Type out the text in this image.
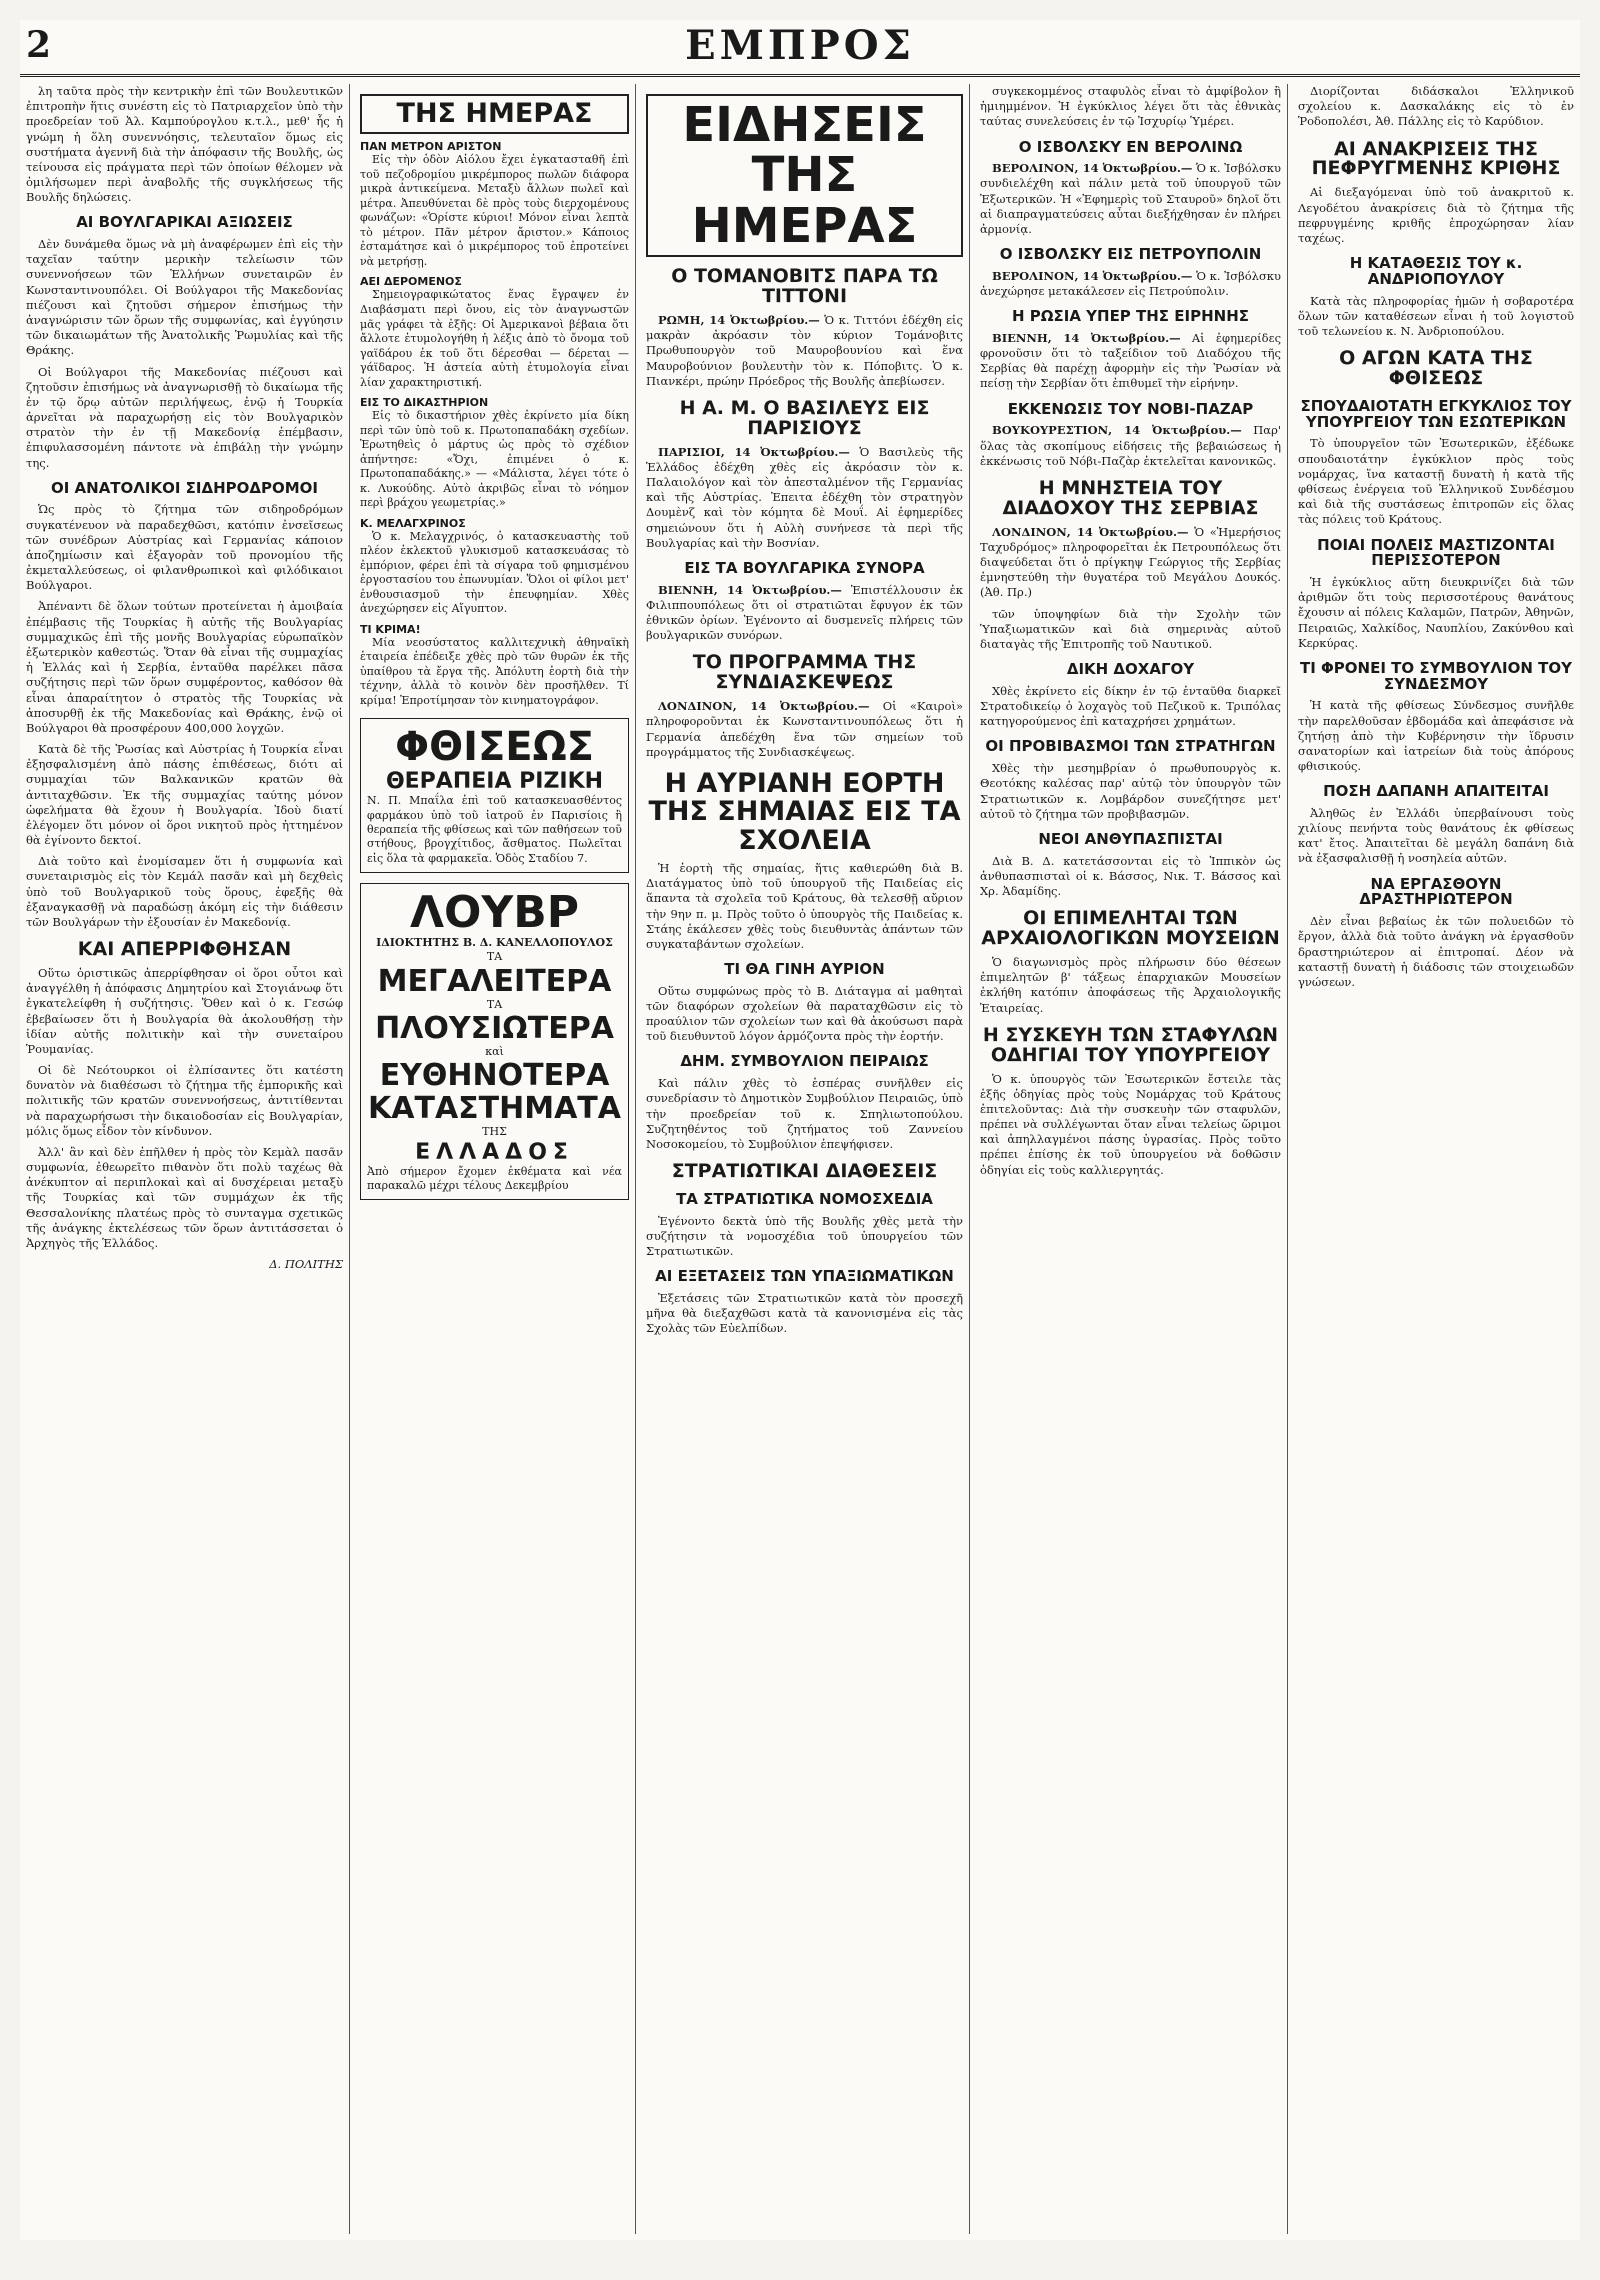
2	ΕΜΠΡΟΣ

λη ταῦτα πρὸς τὴν κεντρικὴν ἐπὶ τῶν Βουλευτικῶν ἐπιτροπὴν ἥτις συνέστη εἰς τὸ Πατριαρχεῖον ὑπὸ τὴν προεδρείαν τοῦ Ἀλ. Καμπούρογλου κ.τ.λ., μεθ' ἧς ἡ γνώμη ἡ ὅλη συνεννόησις, τελευταῖον ὅμως εἰς συστήματα ἀγεννῆ διὰ τὴν ἀπόφασιν τῆς Βουλῆς, ὡς τείνουσα εἰς πράγματα περὶ τῶν ὁποίων θέλομεν νὰ ὁμιλήσωμεν περὶ ἀναβολῆς τῆς συγκλήσεως τῆς Βουλῆς δηλώσεις.

ΑΙ ΒΟΥΛΓΑΡΙΚΑΙ ΑΞΙΩΣΕΙΣ

Δὲν δυνάμεθα ὅμως νὰ μὴ ἀναφέρωμεν ἐπὶ εἰς τὴν ταχεῖαν ταύτην μερικὴν τελείωσιν τῶν συνεννοήσεων τῶν Ἑλλήνων συνεταιρῶν ἐν Κωνσταντινουπόλει. Οἱ Βούλγαροι τῆς Μακεδονίας πιέζουσι καὶ ζητοῦσι σήμερον ἐπισήμως τὴν ἀναγνώρισιν τῶν ὅρων τῆς συμφωνίας, καὶ ἐγγύησιν τῶν δικαιωμάτων τῆς Ἀνατολικῆς Ῥωμυλίας καὶ τῆς Θράκης.

Οἱ Βούλγαροι τῆς Μακεδονίας πιέζουσι καὶ ζητοῦσιν ἐπισήμως νὰ ἀναγνωρισθῇ τὸ δικαίωμα τῆς ἐν τῷ ὅρῳ αὐτῶν περιλήψεως, ἐνῷ ἡ Τουρκία ἀρνεῖται νὰ παραχωρήσῃ εἰς τὸν Βουλγαρικὸν στρατὸν τὴν ἐν τῇ Μακεδονίᾳ ἐπέμβασιν, ἐπιφυλασσομένη πάντοτε νὰ ἐπιβάλῃ τὴν γνώμην της.

ΟΙ ΑΝΑΤΟΛΙΚΟΙ ΣΙΔΗΡΟΔΡΟΜΟΙ

Ὡς πρὸς τὸ ζήτημα τῶν σιδηροδρόμων συγκατένευον νὰ παραδεχθῶσι, κατόπιν ἐνσεῖσεως τῶν συνέδρων Αὐστρίας καὶ Γερμανίας κάποιον ἀποζημίωσιν καὶ ἐξαγορὰν τοῦ προνομίου τῆς ἐκμεταλλεύσεως, οἱ φιλανθρωπικοὶ καὶ φιλόδικαιοι Βούλγαροι.

Ἀπέναντι δὲ ὅλων τούτων προτείνεται ἡ ἀμοιβαία ἐπέμβασις τῆς Τουρκίας ἢ αὐτῆς τῆς Βουλγαρίας συμμαχικῶς ἐπὶ τῆς μονῆς Βουλγαρίας εὐρωπαϊκὸν ἐξωτερικὸν καθεστώς. Ὅταν θὰ εἶναι τῆς συμμαχίας ἡ Ἑλλάς καὶ ἡ Σερβία, ἐνταῦθα παρέλκει πᾶσα συζήτησις περὶ τῶν ὅρων συμφέροντος, καθόσον θὰ εἶναι ἀπαραίτητον ὁ στρατὸς τῆς Τουρκίας νὰ ἀποσυρθῇ ἐκ τῆς Μακεδονίας καὶ Θράκης, ἐνῷ οἱ Βούλγαροι θὰ προσφέρουν 400,000 λογχῶν.

Κατὰ δὲ τῆς Ῥωσίας καὶ Αὐστρίας ἡ Τουρκία εἶναι ἐξησφαλισμένη ἀπὸ πάσης ἐπιθέσεως, διότι αἱ συμμαχίαι τῶν Βαλκανικῶν κρατῶν θὰ ἀντιταχθῶσιν. Ἐκ τῆς συμμαχίας ταύτης μόνον ὠφελήματα θὰ ἔχουν ἡ Βουλγαρία. Ἰδοὺ διατί ἐλέγομεν ὅτι μόνον οἱ ὅροι νικητοῦ πρὸς ἡττημένον θὰ ἐγίνοντο δεκτοί.

Διὰ τοῦτο καὶ ἐνομίσαμεν ὅτι ἡ συμφωνία καὶ συνεταιρισμὸς εἰς τὸν Κεμάλ πασᾶν καὶ μὴ δεχθεὶς ὑπὸ τοῦ Βουλγαρικοῦ τοὺς ὅρους, ἐφεξῆς θὰ ἐξαναγκασθῇ νὰ παραδώσῃ ἀκόμη εἰς τὴν διάθεσιν τῶν Βουλγάρων τὴν ἐξουσίαν ἐν Μακεδονίᾳ.

ΚΑΙ ΑΠΕΡΡΙΦΘΗΣΑΝ

Οὕτω ὁριστικῶς ἀπερρίφθησαν οἱ ὅροι οὗτοι καὶ ἀναγγέλθη ἡ ἀπόφασις Δημητρίου καὶ Στογιάνωφ ὅτι ἐγκατελείφθη ἡ συζήτησις. Ὅθεν καὶ ὁ κ. Γεσώφ ἐβεβαίωσεν ὅτι ἡ Βουλγαρία θὰ ἀκολουθήσῃ τὴν ἰδίαν αὐτῆς πολιτικὴν καὶ τὴν συνεταίρου Ῥουμανίας.

Οἱ δὲ Νεότουρκοι οἱ ἐλπίσαντες ὅτι κατέστη δυνατὸν νὰ διαθέσωσι τὸ ζήτημα τῆς ἐμπορικῆς καὶ πολιτικῆς τῶν κρατῶν συνεννοήσεως, ἀντιτίθενται νὰ παραχωρήσωσι τὴν δικαιοδοσίαν εἰς Βουλγαρίαν, μόλις ὅμως εἶδον τὸν κίνδυνον.

Ἀλλ' ἂν καὶ δὲν ἐπῆλθεν ἡ πρὸς τὸν Κεμὰλ πασᾶν συμφωνία, ἐθεωρεῖτο πιθανὸν ὅτι πολὺ ταχέως θὰ ἀνέκυπτον αἱ περιπλοκαὶ καὶ αἱ δυσχέρειαι μεταξὺ τῆς Τουρκίας καὶ τῶν συμμάχων ἐκ τῆς Θεσσαλονίκης πλατέως πρὸς τὸ συνταγμα σχετικῶς τῆς ἀνάγκης ἐκτελέσεως τῶν ὅρων ἀντιτάσσεται ὁ Ἀρχηγὸς τῆς Ἑλλάδος.

Δ. ΠΟΛΙΤΗΣ
ΤΗΣ ΗΜΕΡΑΣ
ΠΑΝ ΜΕΤΡΟΝ ΑΡΙΣΤΟΝ

Εἰς τὴν ὁδὸν Αἰόλου ἔχει ἐγκατασταθῆ ἐπὶ τοῦ πεζοδρομίου μικρέμπορος πωλῶν διάφορα μικρὰ ἀντικείμενα. Μεταξὺ ἄλλων πωλεῖ καὶ μέτρα. Ἀπευθύνεται δὲ πρὸς τοὺς διερχομένους φωνάζων: «Ὁρίστε κύριοι! Μόνον εἶναι λεπτὰ τὸ μέτρον. Πᾶν μέτρον ἄριστον.» Κάποιος ἐσταμάτησε καὶ ὁ μικρέμπορος τοῦ ἐπροτείνει νὰ μετρήσῃ.

ΑΕΙ ΔΕΡΟΜΕΝΟΣ

Σημειογραφικώτατος ἕνας ἔγραψεν ἐν Διαβάσματι περὶ ὄνου, εἰς τὸν ἀναγνωστῶν μᾶς γράφει τὰ ἑξῆς: Οἱ Ἀμερικανοὶ βέβαια ὅτι ἄλλοτε ἐτυμολογήθη ἡ λέξις ἀπὸ τὸ ὄνομα τοῦ γαϊδάρου ἐκ τοῦ ὅτι δέρεσθαι — δέρεται — γάϊδαρος. Ἡ ἀστεία αὐτὴ ἐτυμολογία εἶναι λίαν χαρακτηριστική.

ΕΙΣ ΤΟ ΔΙΚΑΣΤΗΡΙΟΝ

Εἰς τὸ δικαστήριον χθὲς ἐκρίνετο μία δίκη περὶ τῶν ὑπὸ τοῦ κ. Πρωτοπαπαδάκη σχεδίων. Ἐρωτηθεὶς ὁ μάρτυς ὡς πρὸς τὸ σχέδιον ἀπήντησε: «Ὄχι, ἐπιμένει ὁ κ. Πρωτοπαπαδάκης.» — «Μάλιστα, λέγει τότε ὁ κ. Λυκούδης. Αὐτὸ ἀκριβῶς εἶναι τὸ νόημον περὶ βράχου γεωμετρίας.»

Κ. ΜΕΛΑΓΧΡΙΝΟΣ

Ὁ κ. Μελαγχρινός, ὁ κατασκευαστὴς τοῦ πλέον ἐκλεκτοῦ γλυκισμοῦ κατασκευάσας τὸ ἐμπόριον, φέρει ἐπὶ τὰ σίγαρα τοῦ φημισμένου ἐργοστασίου του ἐπωνυμίαν. Ὅλοι οἱ φίλοι μετ' ἐνθουσιασμοῦ τὴν ἐπευφημίαν. Χθὲς ἀνεχώρησεν εἰς Αἴγυπτον.

ΤΙ ΚΡΙΜΑ!

Μία νεοσύστατος καλλιτεχνικὴ ἀθηναϊκὴ ἑταιρεία ἐπέδειξε χθὲς πρὸ τῶν θυρῶν ἐκ τῆς ὑπαίθρου τὰ ἔργα τῆς. Ἀπόλυτη ἑορτὴ διὰ τὴν τέχνην, ἀλλὰ τὸ κοινὸν δὲν προσῆλθεν. Τί κρίμα! Ἐπροτίμησαν τὸν κινηματογράφον.

ΦΘΙΣΕΩΣ
ΘΕΡΑΠΕΙΑ ΡΙΖΙΚΗ
Ν. Π. Μπαΐλα ἐπὶ τοῦ κατασκευασθέντος φαρμάκου ὑπὸ τοῦ ἰατροῦ ἐν Παρισίοις ἢ θεραπεία τῆς φθίσεως καὶ τῶν παθήσεων τοῦ στήθους, βρογχίτιδος, ἄσθματος. Πωλεῖται εἰς ὅλα τὰ φαρμακεῖα. Ὁδὸς Σταδίου 7.
ΛΟΥΒΡ
ΙΔΙΟΚΤΗΤΗΣ Β. Δ. ΚΑΝΕΛΛΟΠΟΥΛΟΣ
ΤΑ
ΜΕΓΑΛΕΙΤΕΡΑ
ΤΑ
ΠΛΟΥΣΙΩΤΕΡΑ
καὶ
ΕΥΘΗΝΟΤΕΡΑ
ΚΑΤΑΣΤΗΜΑΤΑ
ΤΗΣ
ΕΛΛΑΔΟΣ
Ἀπὸ σήμερον ἔχομεν ἐκθέματα καὶ νέα παρακαλῶ μέχρι τέλους Δεκεμβρίου
ΕΙΔΗΣΕΙΣ ΤΗΣ ΗΜΕΡΑΣ
Ο ΤΟΜΑΝΟΒΙΤΣ ΠΑΡΑ ΤΩ ΤΙΤΤΟΝΙ

ΡΩΜΗ, 14 Ὀκτωβρίου.— Ὁ κ. Τιττόνι ἐδέχθη εἰς μακρὰν ἀκρόασιν τὸν κύριον Τομάνοβιτς Πρωθυπουργὸν τοῦ Μαυροβουνίου καὶ ἕνα Μαυροβούνιον βουλευτὴν τὸν κ. Πόποβιτς. Ὁ κ. Πιανκέρι, πρώην Πρόεδρος τῆς Βουλῆς ἀπεβίωσεν.

Η Α. Μ. Ο ΒΑΣΙΛΕΥΣ ΕΙΣ ΠΑΡΙΣΙΟΥΣ

ΠΑΡΙΣΙΟΙ, 14 Ὀκτωβρίου.— Ὁ Βασιλεὺς τῆς Ἑλλάδος ἐδέχθη χθὲς εἰς ἀκρόασιν τὸν κ. Παλαιολόγον καὶ τὸν ἀπεσταλμένον τῆς Γερμανίας καὶ τῆς Αὐστρίας. Ἐπειτα ἐδέχθη τὸν στρατηγὸν Δουμὲνζ καὶ τὸν κόμητα δὲ Μουΐ. Αἱ ἐφημερίδες σημειώνουν ὅτι ἡ Αὐλὴ συνήνεσε τὰ περὶ τῆς Βουλγαρίας καὶ τὴν Βοσνίαν.

ΕΙΣ ΤΑ ΒΟΥΛΓΑΡΙΚΑ ΣΥΝΟΡΑ

ΒΙΕΝΝΗ, 14 Ὀκτωβρίου.— Ἐπιστέλλουσιν ἐκ Φιλιππουπόλεως ὅτι οἱ στρατιῶται ἔφυγον ἐκ τῶν ἐθνικῶν ὁρίων. Ἐγένοντο αἱ δυσμενεῖς πλήρεις τῶν βουλγαρικῶν συνόρων.

ΤΟ ΠΡΟΓΡΑΜΜΑ ΤΗΣ ΣΥΝΔΙΑΣΚΕΨΕΩΣ

ΛΟΝΔΙΝΟΝ, 14 Ὀκτωβρίου.— Οἱ «Καιροὶ» πληροφοροῦνται ἐκ Κωνσταντινουπόλεως ὅτι ἡ Γερμανία ἀπεδέχθη ἕνα τῶν σημείων τοῦ προγράμματος τῆς Συνδιασκέψεως.

Η ΑΥΡΙΑΝΗ ΕΟΡΤΗ ΤΗΣ ΣΗΜΑΙΑΣ ΕΙΣ ΤΑ ΣΧΟΛΕΙΑ

Ἡ ἑορτὴ τῆς σημαίας, ἥτις καθιερώθη διὰ Β. Διατάγματος ὑπὸ τοῦ ὑπουργοῦ τῆς Παιδείας εἰς ἅπαντα τὰ σχολεῖα τοῦ Κράτους, θὰ τελεσθῇ αὔριον τὴν 9ην π. μ. Πρὸς τοῦτο ὁ ὑπουργὸς τῆς Παιδείας κ. Στάης ἐκάλεσεν χθὲς τοὺς διευθυντὰς ἁπάντων τῶν συγκαταβάντων σχολείων.

ΤΙ ΘΑ ΓΙΝΗ ΑΥΡΙΟΝ

Οὕτω συμφώνως πρὸς τὸ Β. Διάταγμα αἱ μαθηταὶ τῶν διαφόρων σχολείων θὰ παραταχθῶσιν εἰς τὸ προαύλιον τῶν σχολείων των καὶ θὰ ἀκούσωσι παρὰ τοῦ διευθυντοῦ λόγον ἁρμόζοντα πρὸς τὴν ἑορτήν.

ΔΗΜ. ΣΥΜΒΟΥΛΙΟΝ ΠΕΙΡΑΙΩΣ

Καὶ πάλιν χθὲς τὸ ἑσπέρας συνῆλθεν εἰς συνεδρίασιν τὸ Δημοτικὸν Συμβούλιον Πειραιῶς, ὑπὸ τὴν προεδρείαν τοῦ κ. Σπηλιωτοπούλου. Συζητηθέντος τοῦ ζητήματος τοῦ Ζαννείου Νοσοκομείου, τὸ Συμβούλιον ἐπεψήφισεν.

ΣΤΡΑΤΙΩΤΙΚΑΙ ΔΙΑΘΕΣΕΙΣ
ΤΑ ΣΤΡΑΤΙΩΤΙΚΑ ΝΟΜΟΣΧΕΔΙΑ

Ἐγένοντο δεκτὰ ὑπὸ τῆς Βουλῆς χθὲς μετὰ τὴν συζήτησιν τὰ νομοσχέδια τοῦ ὑπουργείου τῶν Στρατιωτικῶν.

ΑΙ ΕΞΕΤΑΣΕΙΣ ΤΩΝ ΥΠΑΞΙΩΜΑΤΙΚΩΝ

Ἐξετάσεις τῶν Στρατιωτικῶν κατὰ τὸν προσεχῆ μῆνα θὰ διεξαχθῶσι κατὰ τὰ κανονισμένα εἰς τὰς Σχολὰς τῶν Εὐελπίδων.

συγκεκομμένος σταφυλὸς εἶναι τὸ ἀμφίβολον ἢ ἡμιημμένον. Ἡ ἐγκύκλιος λέγει ὅτι τὰς ἐθνικὰς ταύτας συνελεύσεις ἐν τῷ Ἰσχυρίῳ Ὑμέρει.

Ο ΙΣΒΟΛΣΚΥ ΕΝ ΒΕΡΟΛΙΝΩ

ΒΕΡΟΛΙΝΟΝ, 14 Ὀκτωβρίου.— Ὁ κ. Ἰσβόλσκυ συνδιελέχθη καὶ πάλιν μετὰ τοῦ ὑπουργοῦ τῶν Ἐξωτερικῶν. Ἡ «Ἐφημερὶς τοῦ Σταυροῦ» δηλοῖ ὅτι αἱ διαπραγματεύσεις αὗται διεξήχθησαν ἐν πλήρει ἀρμονίᾳ.

Ο ΙΣΒΟΛΣΚΥ ΕΙΣ ΠΕΤΡΟΥΠΟΛΙΝ

ΒΕΡΟΛΙΝΟΝ, 14 Ὀκτωβρίου.— Ὁ κ. Ἰσβόλσκυ ἀνεχώρησε μετακάλεσεν εἰς Πετρούπολιν.

Η ΡΩΣΙΑ ΥΠΕΡ ΤΗΣ ΕΙΡΗΝΗΣ

ΒΙΕΝΝΗ, 14 Ὀκτωβρίου.— Αἱ ἐφημερίδες φρονοῦσιν ὅτι τὸ ταξείδιον τοῦ Διαδόχου τῆς Σερβίας θὰ παρέχῃ ἀφορμὴν εἰς τὴν Ῥωσίαν νὰ πείσῃ τὴν Σερβίαν ὅτι ἐπιθυμεῖ τὴν εἰρήνην.

ΕΚΚΕΝΩΣΙΣ ΤΟΥ ΝΟΒΙ-ΠΑΖΑΡ

ΒΟΥΚΟΥΡΕΣΤΙΟΝ, 14 Ὀκτωβρίου.— Παρ' ὅλας τὰς σκοπίμους εἰδήσεις τῆς βεβαιώσεως ἡ ἐκκένωσις τοῦ Νόβι-Παζὰρ ἐκτελεῖται κανονικῶς.

Η ΜΝΗΣΤΕΙΑ ΤΟΥ ΔΙΑΔΟΧΟΥ ΤΗΣ ΣΕΡΒΙΑΣ

ΛΟΝΔΙΝΟΝ, 14 Ὀκτωβρίου.— Ὁ «Ἡμερήσιος Ταχυδρόμος» πληροφορεῖται ἐκ Πετρουπόλεως ὅτι διαψεύδεται ὅτι ὁ πρίγκηψ Γεώργιος τῆς Σερβίας ἐμνηστεύθη τὴν θυγατέρα τοῦ Μεγάλου Δουκός. (Ἀθ. Πρ.)

τῶν ὑποψηφίων διὰ τὴν Σχολὴν τῶν Ὑπαξιωματικῶν καὶ διὰ σημερινὰς αὐτοῦ διαταγὰς τῆς Ἐπιτροπῆς τοῦ Ναυτικοῦ.

ΔΙΚΗ ΔΟΧΑΓΟΥ

Χθὲς ἐκρίνετο εἰς δίκην ἐν τῷ ἐνταῦθα διαρκεῖ Στρατοδικείῳ ὁ λοχαγὸς τοῦ Πεζικοῦ κ. Τριπόλας κατηγορούμενος ἐπὶ καταχρήσει χρημάτων.

ΟΙ ΠΡΟΒΙΒΑΣΜΟΙ ΤΩΝ ΣΤΡΑΤΗΓΩΝ

Χθὲς τὴν μεσημβρίαν ὁ πρωθυπουργὸς κ. Θεοτόκης καλέσας παρ' αὐτῷ τὸν ὑπουργὸν τῶν Στρατιωτικῶν κ. Λομβάρδον συνεζήτησε μετ' αὐτοῦ τὸ ζήτημα τῶν προβιβασμῶν.

ΝΕΟΙ ΑΝΘΥΠΑΣΠΙΣΤΑΙ

Διὰ Β. Δ. κατετάσσονται εἰς τὸ Ἱππικὸν ὡς ἀνθυπασπισταὶ οἱ κ. Βάσσος, Νικ. Τ. Βάσσος καὶ Χρ. Ἀδαμίδης.

ΟΙ ΕΠΙΜΕΛΗΤΑΙ ΤΩΝ ΑΡΧΑΙΟΛΟΓΙΚΩΝ ΜΟΥΣΕΙΩΝ

Ὁ διαγωνισμὸς πρὸς πλήρωσιν δύο θέσεων ἐπιμελητῶν β' τάξεως ἐπαρχιακῶν Μουσείων ἐκλήθη κατόπιν ἀποφάσεως τῆς Ἀρχαιολογικῆς Ἑταιρείας.

Η ΣΥΣΚΕΥΗ ΤΩΝ ΣΤΑΦΥΛΩΝ ΟΔΗΓΙΑΙ ΤΟΥ ΥΠΟΥΡΓΕΙΟΥ

Ὁ κ. ὑπουργὸς τῶν Ἐσωτερικῶν ἔστειλε τὰς ἑξῆς ὁδηγίας πρὸς τοὺς Νομάρχας τοῦ Κράτους ἐπιτελοῦντας: Διὰ τὴν συσκευὴν τῶν σταφυλῶν, πρέπει νὰ συλλέγωνται ὅταν εἶναι τελείως ὥριμοι καὶ ἀπηλλαγμένοι πάσης ὑγρασίας. Πρὸς τοῦτο πρέπει ἐπίσης ἐκ τοῦ ὑπουργείου νὰ δοθῶσιν ὁδηγίαι εἰς τοὺς καλλιεργητάς.

Διορίζονται διδάσκαλοι Ἑλληνικοῦ σχολείου κ. Δασκαλάκης εἰς τὸ ἐν Ῥοδοπολέσι, Ἀθ. Πάλλης εἰς τὸ Καρύδιον.

ΑΙ ΑΝΑΚΡΙΣΕΙΣ ΤΗΣ ΠΕΦΡΥΓΜΕΝΗΣ ΚΡΙΘΗΣ

Αἱ διεξαγόμεναι ὑπὸ τοῦ ἀνακριτοῦ κ. Λεγοδέτου ἀνακρίσεις διὰ τὸ ζήτημα τῆς πεφρυγμένης κριθῆς ἐπροχώρησαν λίαν ταχέως.

Η ΚΑΤΑΘΕΣΙΣ ΤΟΥ κ. ΑΝΔΡΙΟΠΟΥΛΟΥ

Κατὰ τὰς πληροφορίας ἡμῶν ἡ σοβαροτέρα ὅλων τῶν καταθέσεων εἶναι ἡ τοῦ λογιστοῦ τοῦ τελωνείου κ. Ν. Ἀνδριοπούλου.

Ο ΑΓΩΝ ΚΑΤΑ ΤΗΣ ΦΘΙΣΕΩΣ
ΣΠΟΥΔΑΙΟΤΑΤΗ ΕΓΚΥΚΛΙΟΣ ΤΟΥ ΥΠΟΥΡΓΕΙΟΥ ΤΩΝ ΕΣΩΤΕΡΙΚΩΝ

Τὸ ὑπουργεῖον τῶν Ἐσωτερικῶν, ἐξέδωκε σπουδαιοτάτην ἐγκύκλιον πρὸς τοὺς νομάρχας, ἵνα καταστῇ δυνατὴ ἡ κατὰ τῆς φθίσεως ἐνέργεια τοῦ Ἑλληνικοῦ Συνδέσμου καὶ διὰ τῆς συστάσεως ἐπιτροπῶν εἰς ὅλας τὰς πόλεις τοῦ Κράτους.

ΠΟΙΑΙ ΠΟΛΕΙΣ ΜΑΣΤΙΖΟΝΤΑΙ ΠΕΡΙΣΣΟΤΕΡΟΝ

Ἡ ἐγκύκλιος αὕτη διευκρινίζει διὰ τῶν ἀριθμῶν ὅτι τοὺς περισσοτέρους θανάτους ἔχουσιν αἱ πόλεις Καλαμῶν, Πατρῶν, Ἀθηνῶν, Πειραιῶς, Χαλκίδος, Ναυπλίου, Ζακύνθου καὶ Κερκύρας.

ΤΙ ΦΡΟΝΕΙ ΤΟ ΣΥΜΒΟΥΛΙΟΝ ΤΟΥ ΣΥΝΔΕΣΜΟΥ

Ἡ κατὰ τῆς φθίσεως Σύνδεσμος συνῆλθε τὴν παρελθοῦσαν ἑβδομάδα καὶ ἀπεφάσισε νὰ ζητήσῃ ἀπὸ τὴν Κυβέρνησιν τὴν ἵδρυσιν σανατορίων καὶ ἰατρείων διὰ τοὺς ἀπόρους φθισικούς.

ΠΟΣΗ ΔΑΠΑΝΗ ΑΠΑΙΤΕΙΤΑΙ

Ἀληθῶς ἐν Ἑλλάδι ὑπερβαίνουσι τοὺς χιλίους πενήντα τοὺς θανάτους ἐκ φθίσεως κατ' ἔτος. Ἀπαιτεῖται δὲ μεγάλη δαπάνη διὰ νὰ ἐξασφαλισθῇ ἡ νοσηλεία αὐτῶν.

ΝΑ ΕΡΓΑΣΘΟΥΝ ΔΡΑΣΤΗΡΙΩΤΕΡΟΝ

Δὲν εἶναι βεβαίως ἐκ τῶν πολυειδῶν τὸ ἔργον, ἀλλὰ διὰ τοῦτο ἀνάγκη νὰ ἐργασθοῦν δραστηριώτερον αἱ ἐπιτροπαί. Δέον νὰ καταστῇ δυνατὴ ἡ διάδοσις τῶν στοιχειωδῶν γνώσεων.
